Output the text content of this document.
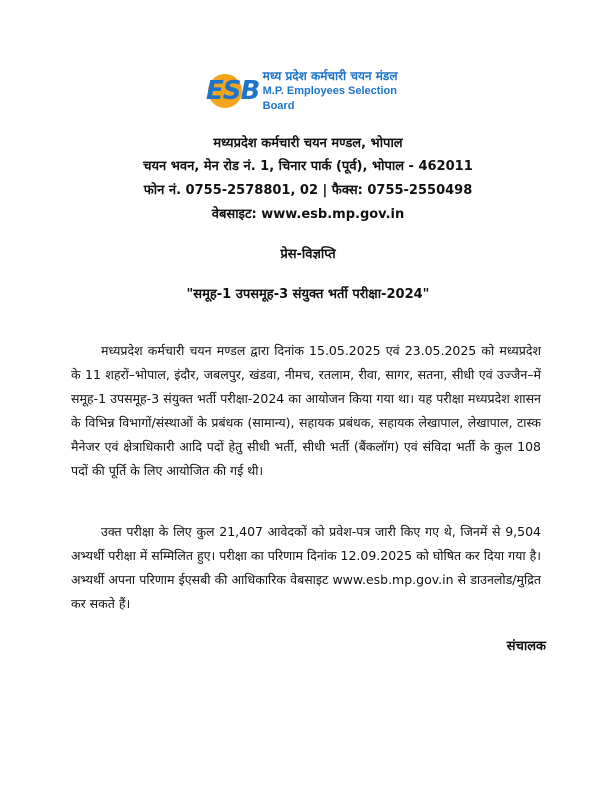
ESB
मध्य प्रदेश कर्मचारी चयन मंडल
M.P. Employees Selection Board
मध्यप्रदेश कर्मचारी चयन मण्डल, भोपाल
चयन भवन, मेन रोड नं. 1, चिनार पार्क (पूर्व), भोपाल - 462011
फोन नं. 0755-2578801, 02 | फैक्स: 0755-2550498
वेबसाइट: www.esb.mp.gov.in
प्रेस-विज्ञप्ति
"समूह-1 उपसमूह-3 संयुक्त भर्ती परीक्षा-2024"

मध्यप्रदेश कर्मचारी चयन मण्डल द्वारा दिनांक 15.05.2025 एवं 23.05.2025 को मध्यप्रदेश के 11 शहरों–भोपाल, इंदौर, जबलपुर, खंडवा, नीमच, रतलाम, रीवा, सागर, सतना, सीधी एवं उज्जैन–में समूह-1 उपसमूह-3 संयुक्त भर्ती परीक्षा-2024 का आयोजन किया गया था। यह परीक्षा मध्यप्रदेश शासन के विभिन्न विभागों/संस्थाओं के प्रबंधक (सामान्य), सहायक प्रबंधक, सहायक लेखापाल, लेखापाल, टास्क मैनेजर एवं क्षेत्राधिकारी आदि पदों हेतु सीधी भर्ती, सीधी भर्ती (बैंकलॉग) एवं संविदा भर्ती के कुल 108 पदों की पूर्ति के लिए आयोजित की गई थी।

उक्त परीक्षा के लिए कुल 21,407 आवेदकों को प्रवेश-पत्र जारी किए गए थे, जिनमें से 9,504 अभ्यर्थी परीक्षा में सम्मिलित हुए। परीक्षा का परिणाम दिनांक 12.09.2025 को घोषित कर दिया गया है। अभ्यर्थी अपना परिणाम ईएसबी की आधिकारिक वेबसाइट www.esb.mp.gov.in से डाउनलोड/मुद्रित कर सकते हैं।

संचालक
